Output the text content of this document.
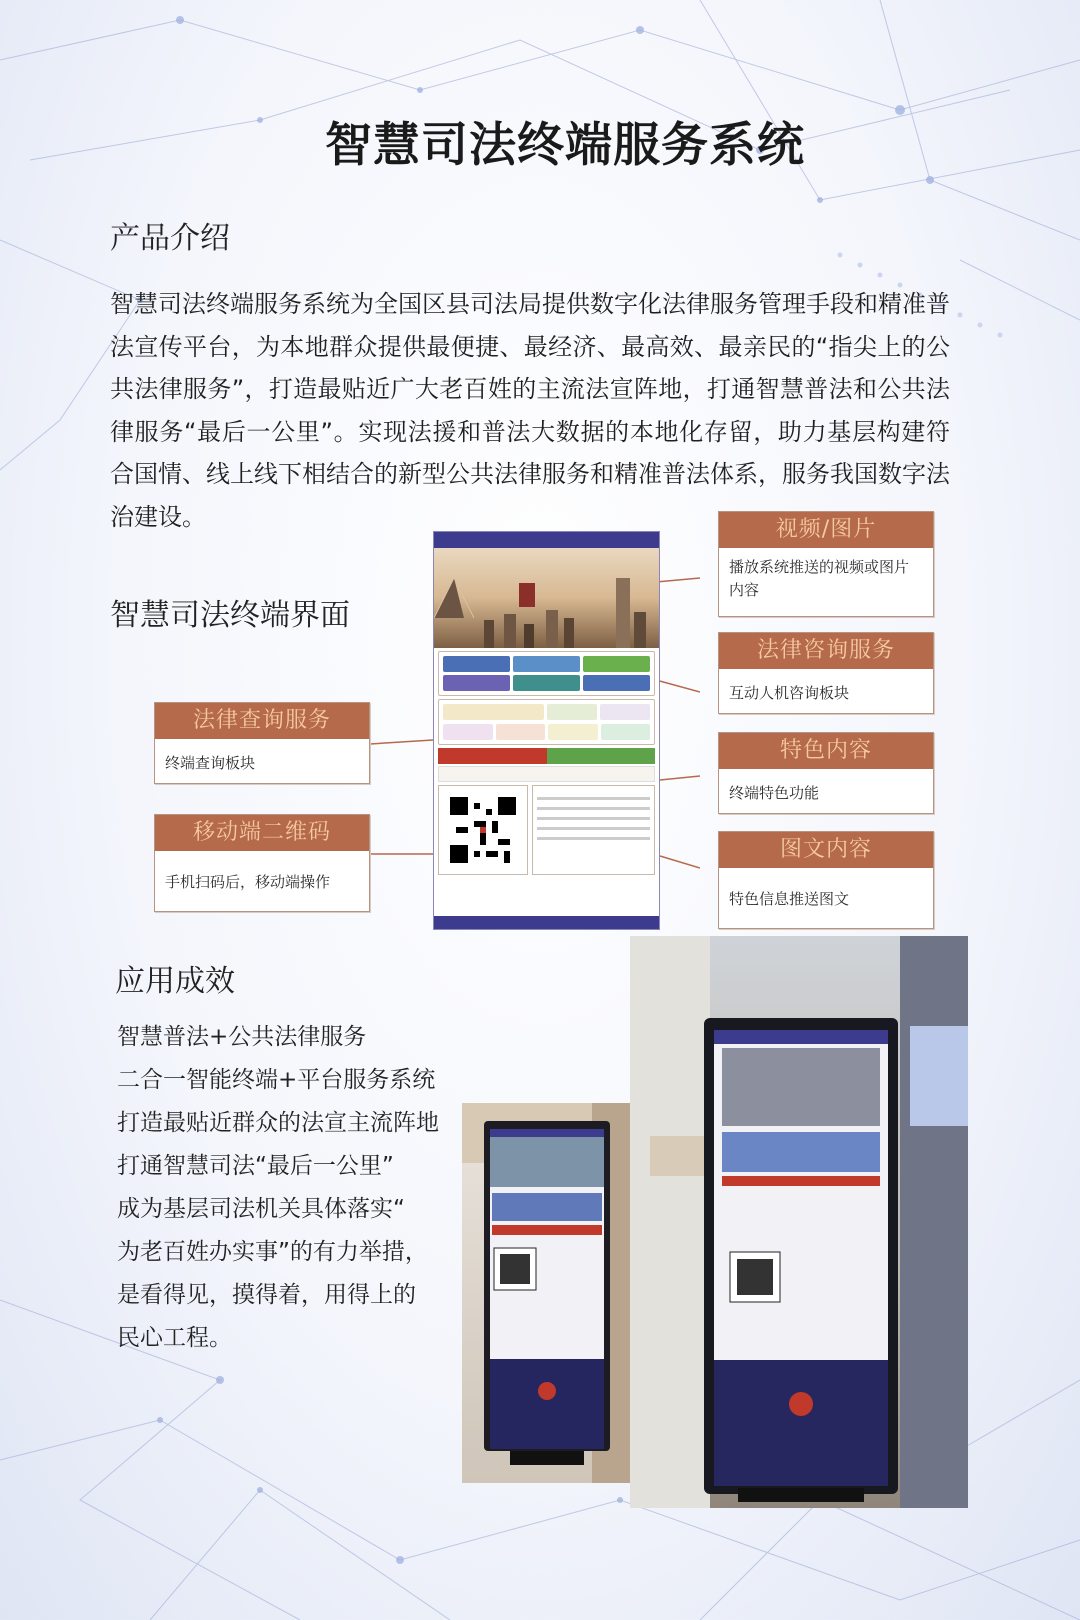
智慧司法终端服务系统
产品介绍
智慧司法终端服务系统为全国区县司法局提供数字化法律服务管理手段和精准普法宣传平台，为本地群众提供最便捷、最经济、最高效、最亲民的“指尖上的公共法律服务”，打造最贴近广大老百姓的主流法宣阵地，打通智慧普法和公共法律服务“最后一公里”。实现法援和普法大数据的本地化存留，助力基层构建符合国情、线上线下相结合的新型公共法律服务和精准普法体系，服务我国数字法治建设。
智慧司法终端界面
视频/图片
播放系统推送的视频或图片内容
法律咨询服务
互动人机咨询板块
特色内容
终端特色功能
图文内容
特色信息推送图文
法律查询服务
终端查询板块
移动端二维码
手机扫码后，移动端操作
应用成效
智慧普法+公共法律服务
二合一智能终端+平台服务系统
打造最贴近群众的法宣主流阵地
打通智慧司法“最后一公里”
成为基层司法机关具体落实“
为老百姓办实事”的有力举措，
是看得见，摸得着，用得上的
民心工程。
